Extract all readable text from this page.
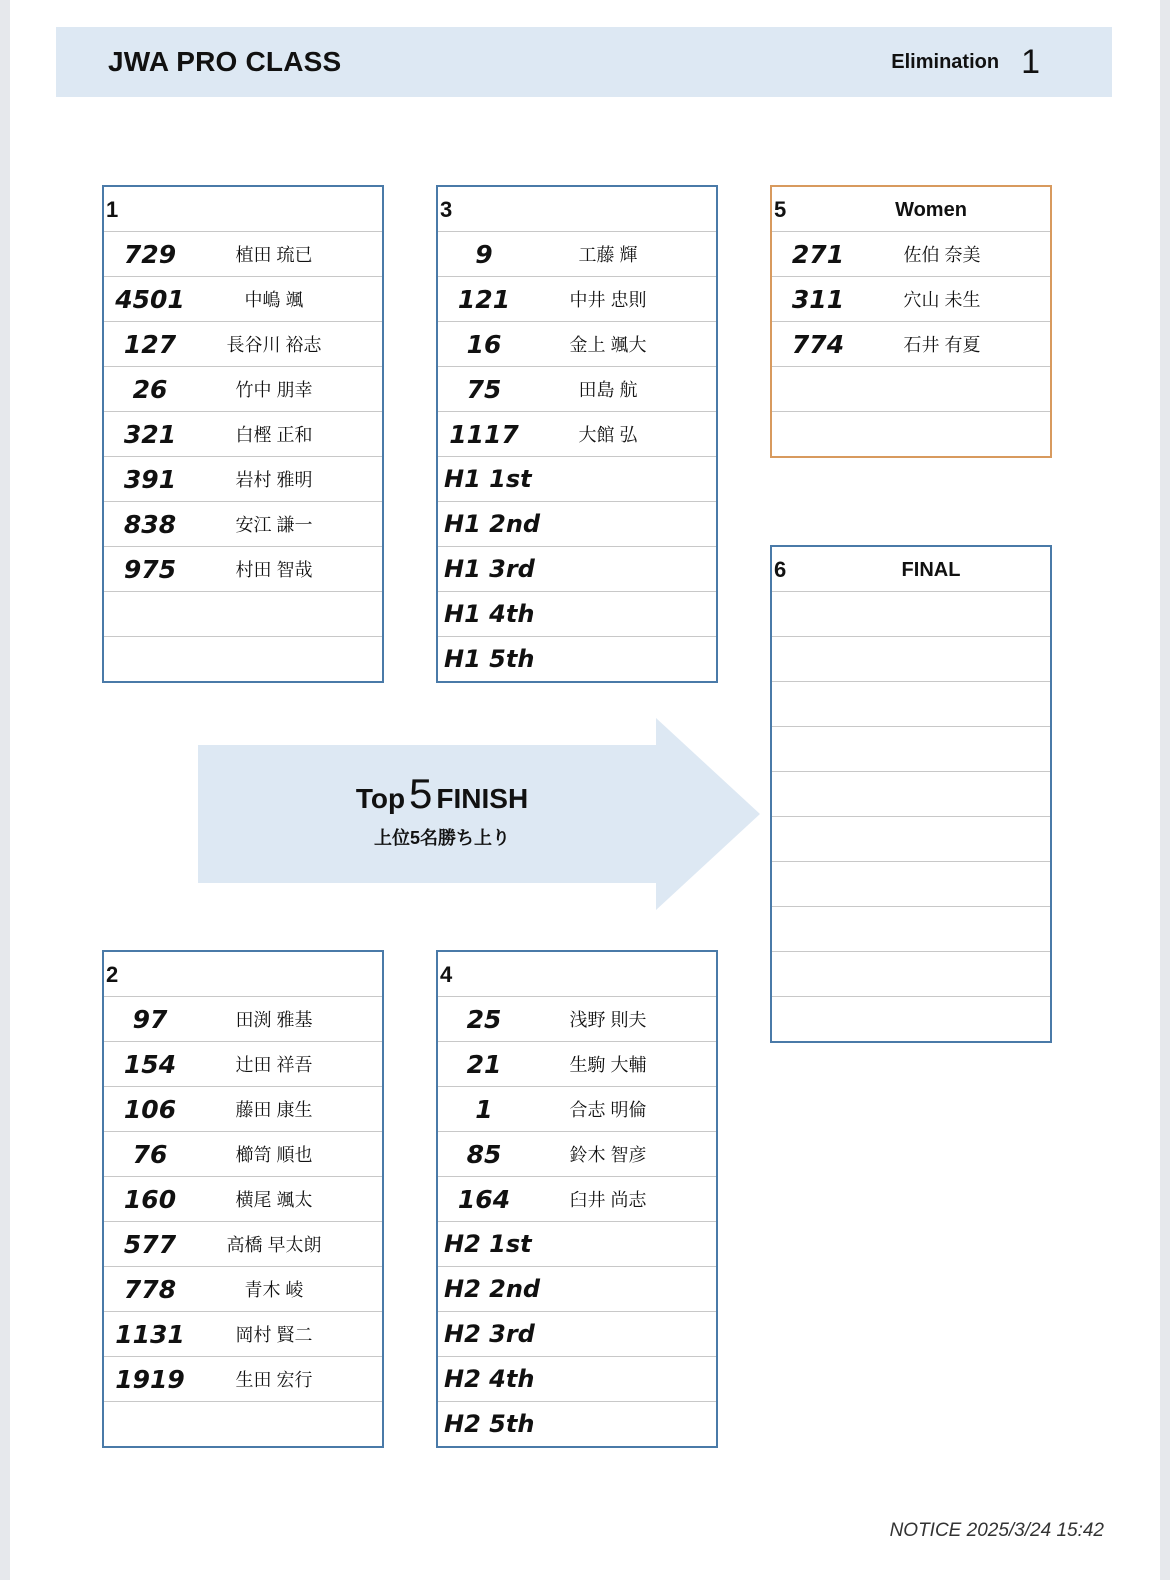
JWA PRO CLASS	Elimination 1
1
729	植田 琉已
4501	中嶋 颯
127	長谷川 裕志
26	竹中 朋幸
321	白樫 正和
391	岩村 雅明
838	安江 謙一
975	村田 智哉
2
97	田渕 雅基
154	辻田 祥吾
106	藤田 康生
76	櫛笥 順也
160	横尾 颯太
577	高橋 早太朗
778	青木 崚
1131	岡村 賢二
1919	生田 宏行
3
9	工藤 輝
121	中井 忠則
16	金上 颯大
75	田島 航
1117	大館 弘
H1 1st
H1 2nd
H1 3rd
H1 4th
H1 5th
4
25	浅野 則夫
21	生駒 大輔
1	合志 明倫
85	鈴木 智彦
164	臼井 尚志
H2 1st
H2 2nd
H2 3rd
H2 4th
H2 5th
5	Women
271	佐伯 奈美
311	穴山 未生
774	石井 有夏
6	FINAL
Top5 FINISH
上位5名勝ち上り
NOTICE 2025/3/24 15:42
